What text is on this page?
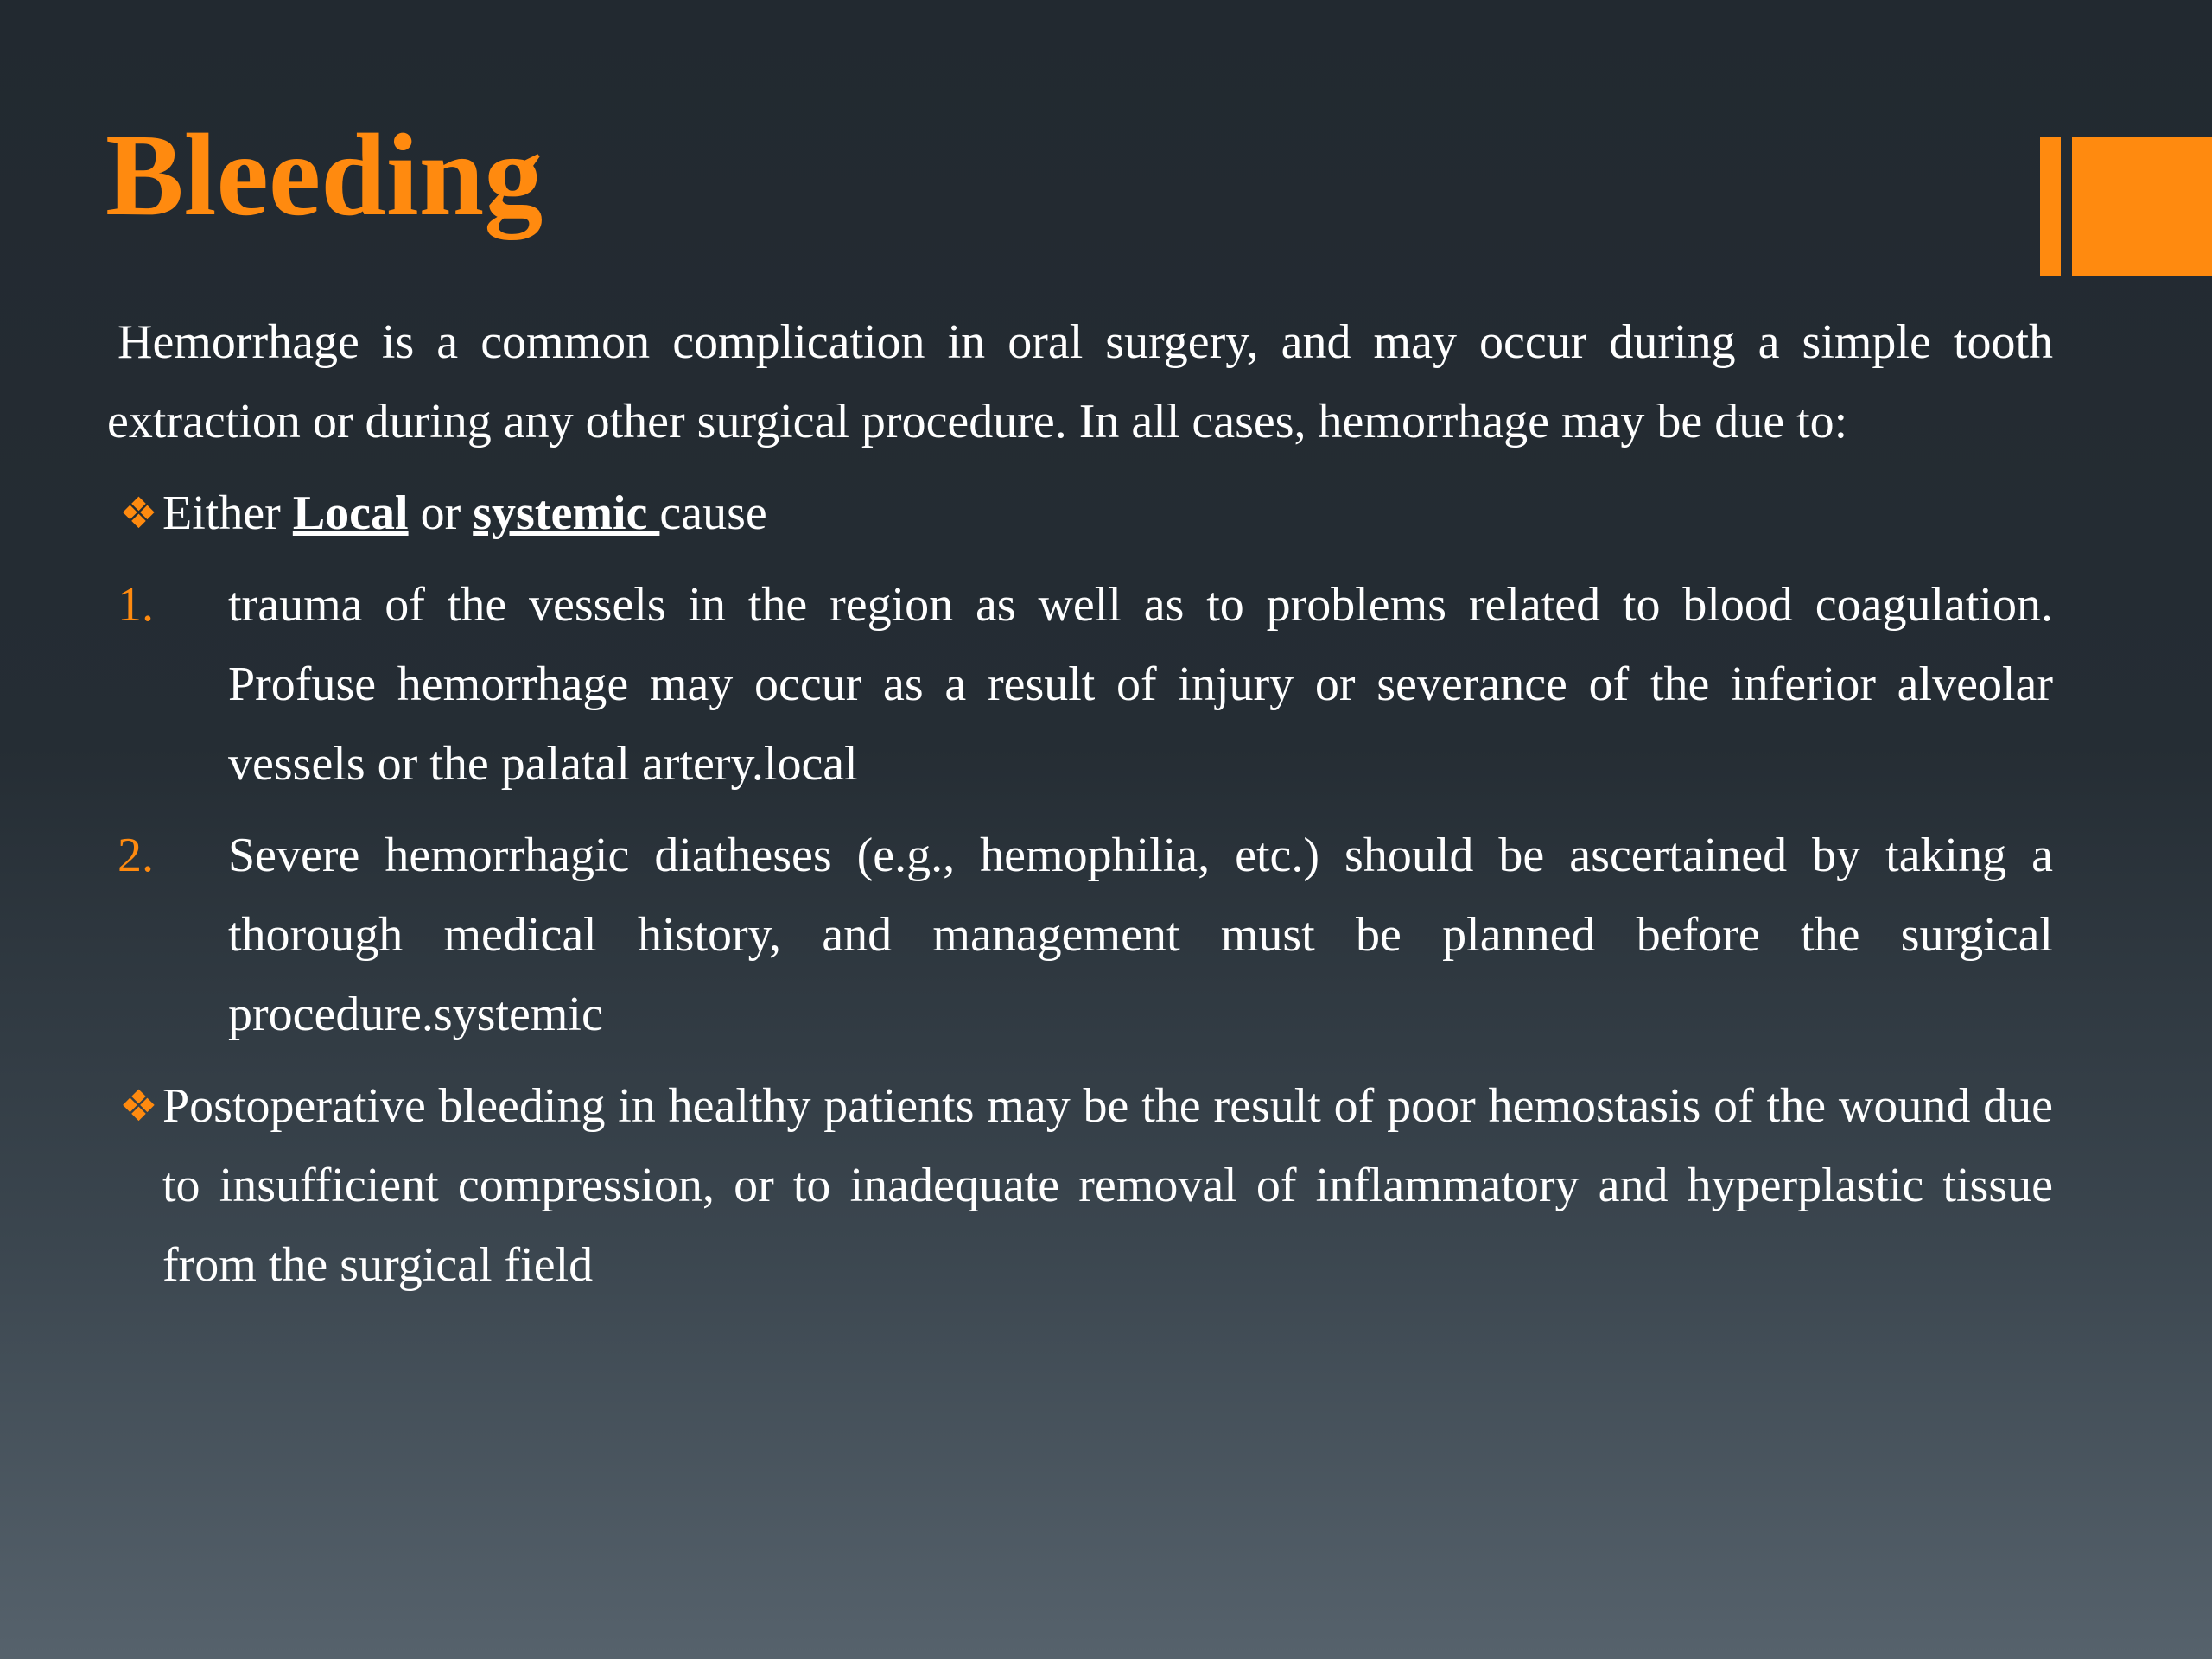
Bleeding

Hemorrhage is a common complication in oral surgery, and may occur during a simple tooth extraction or during any other surgical procedure. In all cases, hemorrhage may be due to:

❖ Either Local or systemic cause

1. trauma of the vessels in the region as well as to problems related to blood coagulation. Profuse hemorrhage may occur as a result of injury or severance of the inferior alveolar vessels or the palatal artery.local

2. Severe hemorrhagic diatheses (e.g., hemophilia, etc.) should be ascertained by taking a thorough medical history, and management must be planned before the surgical procedure.systemic

❖ Postoperative bleeding in healthy patients may be the result of poor hemostasis of the wound due to insufficient compression, or to inadequate removal of inflammatory and hyperplastic tissue from the surgical field
